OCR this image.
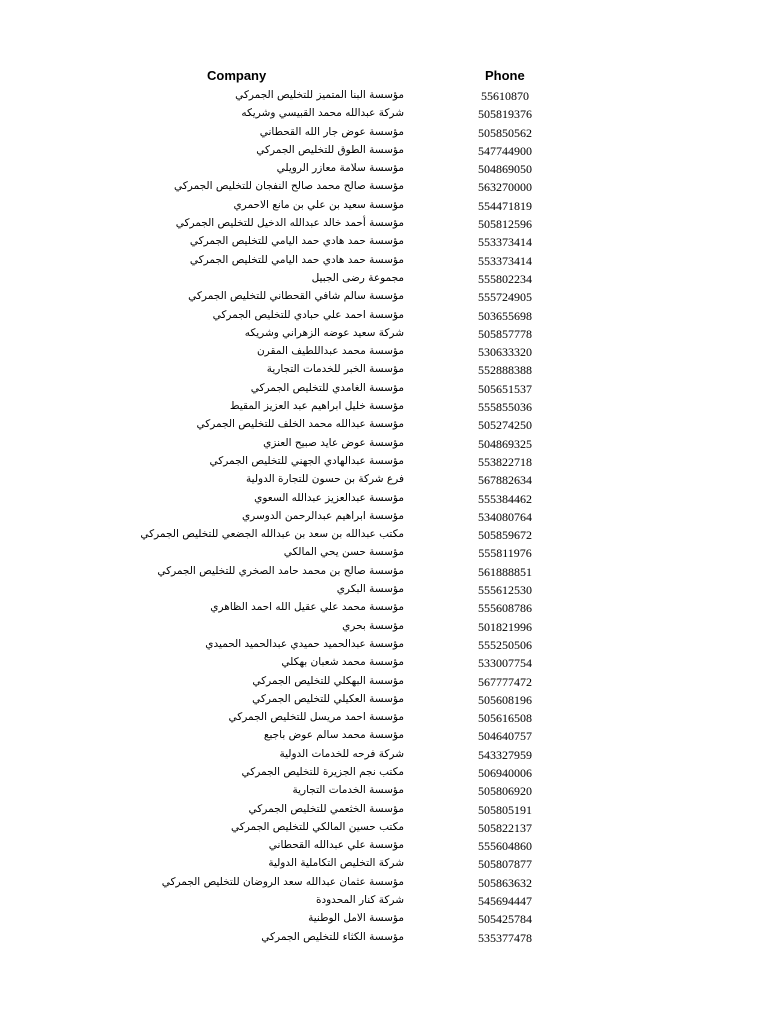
Company	Phone
مؤسسة البنا المتميز للتخليص الجمركي	55610870
شركة عبدالله محمد القبيسي وشريكه	505819376
مؤسسة عوض جار الله القحطاني	505850562
مؤسسة الطوق للتخليص الجمركي	547744900
مؤسسة سلامة معازر الرويلي	504869050
مؤسسة صالح محمد صالح النفجان للتخليص الجمركي	563270000
مؤسسة سعيد بن علي بن مانع الاحمري	554471819
مؤسسة أحمد خالد عبدالله الدخيل للتخليص الجمركي	505812596
مؤسسة حمد هادي حمد اليامي للتخليص الجمركي	553373414
مؤسسة حمد هادي حمد اليامي للتخليص الجمركي	553373414
مجموعة رضى الجبيل	555802234
مؤسسة سالم شافي القحطاني للتخليص الجمركي	555724905
مؤسسة احمد علي حبادي للتخليص الجمركي	503655698
شركة سعيد عوضه الزهراني وشريكه	505857778
مؤسسة محمد عبداللطيف المقرن	530633320
مؤسسة الخبر للخدمات التجارية	552888388
مؤسسة الغامدي للتخليص الجمركي	505651537
مؤسسة خليل ابراهيم عبد العزيز المقيط	555855036
مؤسسة عبدالله محمد الخلف للتخليص الجمركي	505274250
مؤسسة عوض عايد صبيح العنزي	504869325
مؤسسة عبدالهادي الجهني للتخليص الجمركي	553822718
فرع شركة بن حسون للتجارة الدولية	567882634
مؤسسة عبدالعزيز عبدالله السعوي	555384462
مؤسسة ابراهيم عبدالرحمن الدوسري	534080764
مكتب عبدالله بن سعد بن عبدالله الجضعي للتخليص الجمركي	505859672
مؤسسة حسن يحي المالكي	555811976
مؤسسة صالح بن محمد حامد الصخري للتخليص الجمركي	561888851
مؤسسة البكري	555612530
مؤسسة محمد علي عقيل الله احمد الظاهري	555608786
مؤسسة بحري	501821996
مؤسسة عبدالحميد حميدي عبدالحميد الحميدي	555250506
مؤسسة محمد شعبان بهكلي	533007754
مؤسسة البهكلي للتخليص الجمركي	567777472
مؤسسة العكيلي للتخليص الجمركي	505608196
مؤسسة احمد مريسل للتخليص الجمركي	505616508
مؤسسة محمد سالم عوض باجبع	504640757
شركة فرحه للخدمات الدولية	543327959
مكتب نجم الجزيرة للتخليص الجمركي	506940006
مؤسسة الخدمات التجارية	505806920
مؤسسة الخثعمي للتخليص الجمركي	505805191
مكتب حسين المالكي للتخليص الجمركي	505822137
مؤسسة علي عبدالله القحطاني	555604860
شركة التخليص التكاملية الدولية	505807877
مؤسسة عثمان عبدالله سعد الروضان للتخليص الجمركي	505863632
شركة كنار المحدودة	545694447
مؤسسة الامل الوطنية	505425784
مؤسسة الكثاء للتخليص الجمركي	535377478
